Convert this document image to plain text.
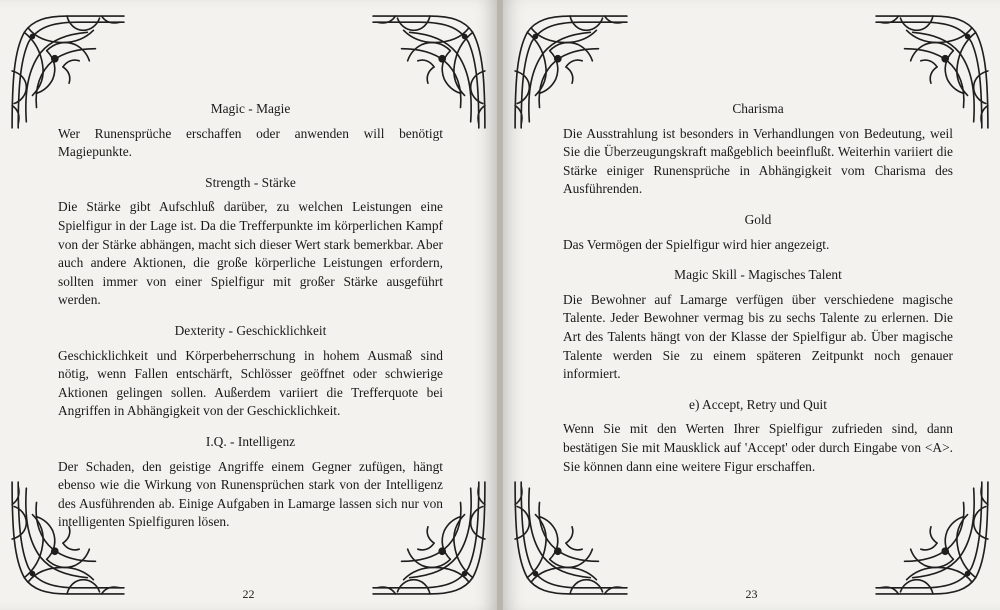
Magic - Magie
Wer Runensprüche erschaffen oder anwenden will benötigt Magiepunkte.
Strength - Stärke
Die Stärke gibt Aufschluß darüber, zu welchen Leistungen eine Spielfigur in der Lage ist. Da die Trefferpunkte im körperlichen Kampf von der Stärke abhängen, macht sich dieser Wert stark bemerkbar. Aber auch andere Aktionen, die große körperliche Leistungen erfordern, sollten immer von einer Spielfigur mit großer Stärke ausgeführt werden.
Dexterity - Geschicklichkeit
Geschicklichkeit und Körperbeherrschung in hohem Ausmaß sind nötig, wenn Fallen entschärft, Schlösser geöffnet oder schwierige Aktionen gelingen sollen. Außerdem variiert die Trefferquote bei Angriffen in Abhängigkeit von der Geschicklichkeit.
I.Q. - Intelligenz
Der Schaden, den geistige Angriffe einem Gegner zufügen, hängt ebenso wie die Wirkung von Runensprüchen stark von der Intelligenz des Ausführenden ab. Einige Aufgaben in Lamarge lassen sich nur von intelligenten Spielfiguren lösen.
22
Charisma
Die Ausstrahlung ist besonders in Verhandlungen von Bedeutung, weil Sie die Überzeugungskraft maßgeblich beeinflußt. Weiterhin variiert die Stärke einiger Runensprüche in Abhängigkeit vom Charisma des Ausführenden.
Gold
Das Vermögen der Spielfigur wird hier angezeigt.
Magic Skill - Magisches Talent
Die Bewohner auf Lamarge verfügen über verschiedene magische Talente. Jeder Bewohner vermag bis zu sechs Talente zu erlernen. Die Art des Talents hängt von der Klasse der Spielfigur ab. Über magische Talente werden Sie zu einem späteren Zeitpunkt noch genauer informiert.
e) Accept, Retry und Quit
Wenn Sie mit den Werten Ihrer Spielfigur zufrieden sind, dann bestätigen Sie mit Mausklick auf 'Accept' oder durch Eingabe von <A>. Sie können dann eine weitere Figur erschaffen.
23
